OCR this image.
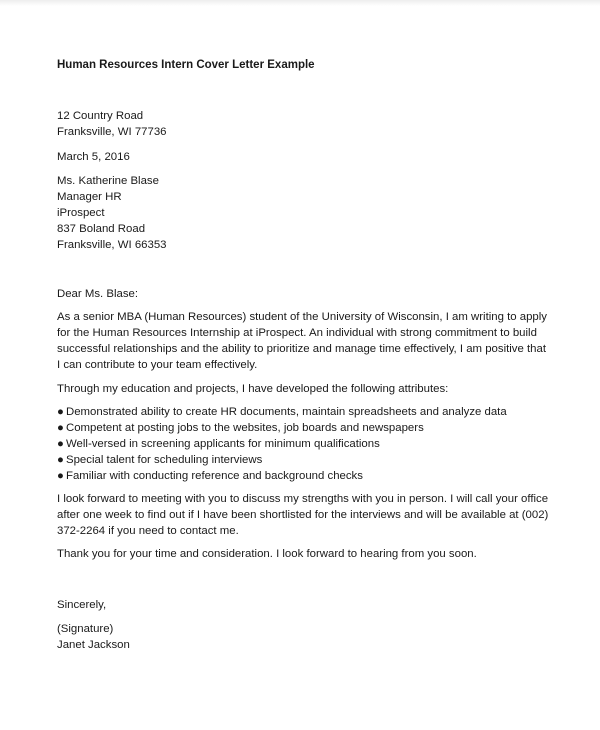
Human Resources Intern Cover Letter Example
12 Country Road
Franksville, WI 77736
March 5, 2016
Ms. Katherine Blase
Manager HR
iProspect
837 Boland Road
Franksville, WI 66353
Dear Ms. Blase:
As a senior MBA (Human Resources) student of the University of Wisconsin, I am writing to apply
for the Human Resources Internship at iProspect. An individual with strong commitment to build
successful relationships and the ability to prioritize and manage time effectively, I am positive that
I can contribute to your team effectively.
Through my education and projects, I have developed the following attributes:
● Demonstrated ability to create HR documents, maintain spreadsheets and analyze data
● Competent at posting jobs to the websites, job boards and newspapers
● Well-versed in screening applicants for minimum qualifications
● Special talent for scheduling interviews
● Familiar with conducting reference and background checks
I look forward to meeting with you to discuss my strengths with you in person. I will call your office
after one week to find out if I have been shortlisted for the interviews and will be available at (002)
372-2264 if you need to contact me.
Thank you for your time and consideration. I look forward to hearing from you soon.
Sincerely,
(Signature)
Janet Jackson
